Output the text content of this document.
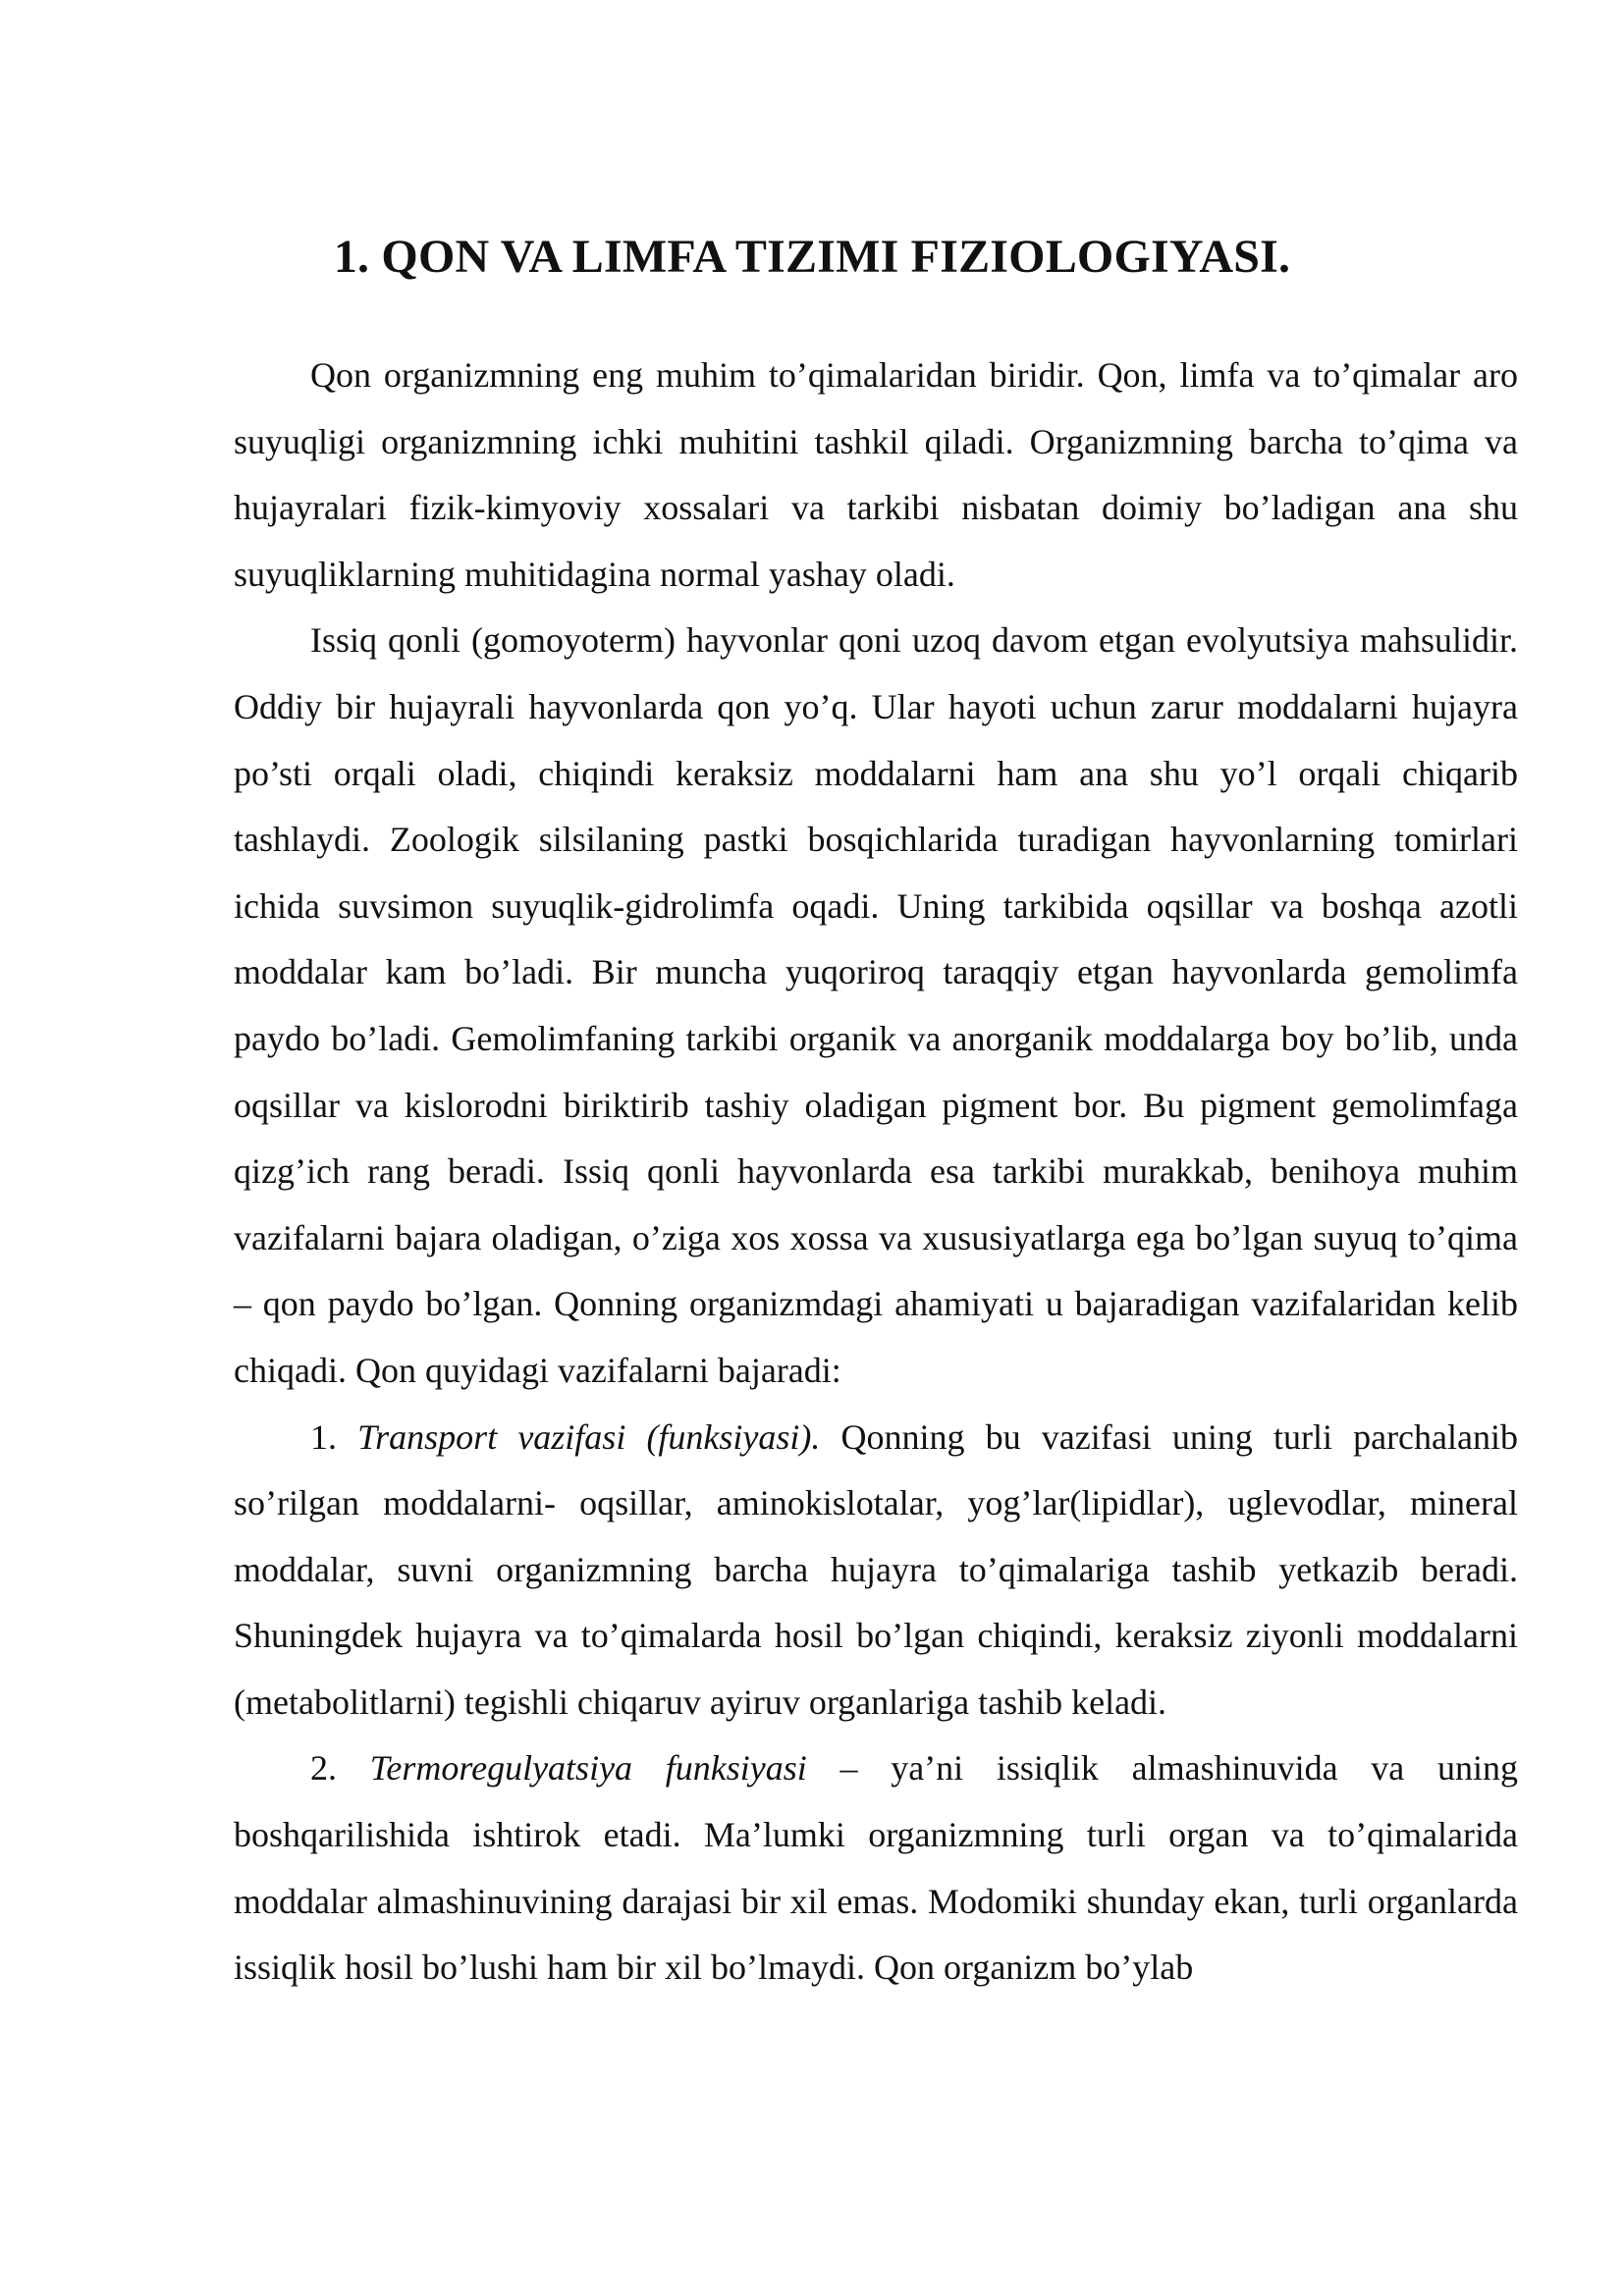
1. QON VA LIMFA TIZIMI FIZIOLOGIYASI.

Qon organizmning eng muhim to’qimalaridan biridir. Qon, limfa va to’qimalar aro suyuqligi organizmning ichki muhitini tashkil qiladi. Organizmning barcha to’qima va hujayralari fizik-kimyoviy xossalari va tarkibi nisbatan doimiy bo’ladigan ana shu suyuqliklarning muhitidagina normal yashay oladi.

Issiq qonli (gomoyoterm) hayvonlar qoni uzoq davom etgan evolyutsiya mahsulidir. Oddiy bir hujayrali hayvonlarda qon yo’q. Ular hayoti uchun zarur moddalarni hujayra po’sti orqali oladi, chiqindi keraksiz moddalarni ham ana shu yo’l orqali chiqarib tashlaydi. Zoologik silsilaning pastki bosqichlarida turadigan hayvonlarning tomirlari ichida suvsimon suyuqlik-gidrolimfa oqadi. Uning tarkibida oqsillar va boshqa azotli moddalar kam bo’ladi. Bir muncha yuqoriroq taraqqiy etgan hayvonlarda gemolimfa paydo bo’ladi. Gemolimfaning tarkibi organik va anorganik moddalarga boy bo’lib, unda oqsillar va kislorodni biriktirib tashiy oladigan pigment bor. Bu pigment gemolimfaga qizg’ich rang beradi. Issiq qonli hayvonlarda esa tarkibi murakkab, benihoya muhim vazifalarni bajara oladigan, o’ziga xos xossa va xususiyatlarga ega bo’lgan suyuq to’qima – qon paydo bo’lgan. Qonning organizmdagi ahamiyati u bajaradigan vazifalaridan kelib chiqadi. Qon quyidagi vazifalarni bajaradi:

1. Transport vazifasi (funksiyasi). Qonning bu vazifasi uning turli parchalanib so’rilgan moddalarni- oqsillar, aminokislotalar, yog’lar(lipidlar), uglevodlar, mineral moddalar, suvni organizmning barcha hujayra to’qimalariga tashib yetkazib beradi. Shuningdek hujayra va to’qimalarda hosil bo’lgan chiqindi, keraksiz ziyonli moddalarni (metabolitlarni) tegishli chiqaruv ayiruv organlariga tashib keladi.

2. Termoregulyatsiya funksiyasi – ya’ni issiqlik almashinuvida va uning boshqarilishida ishtirok etadi. Ma’lumki organizmning turli organ va to’qimalarida moddalar almashinuvining darajasi bir xil emas. Modomiki shunday ekan, turli organlarda issiqlik hosil bo’lushi ham bir xil bo’lmaydi. Qon organizm bo’ylab
